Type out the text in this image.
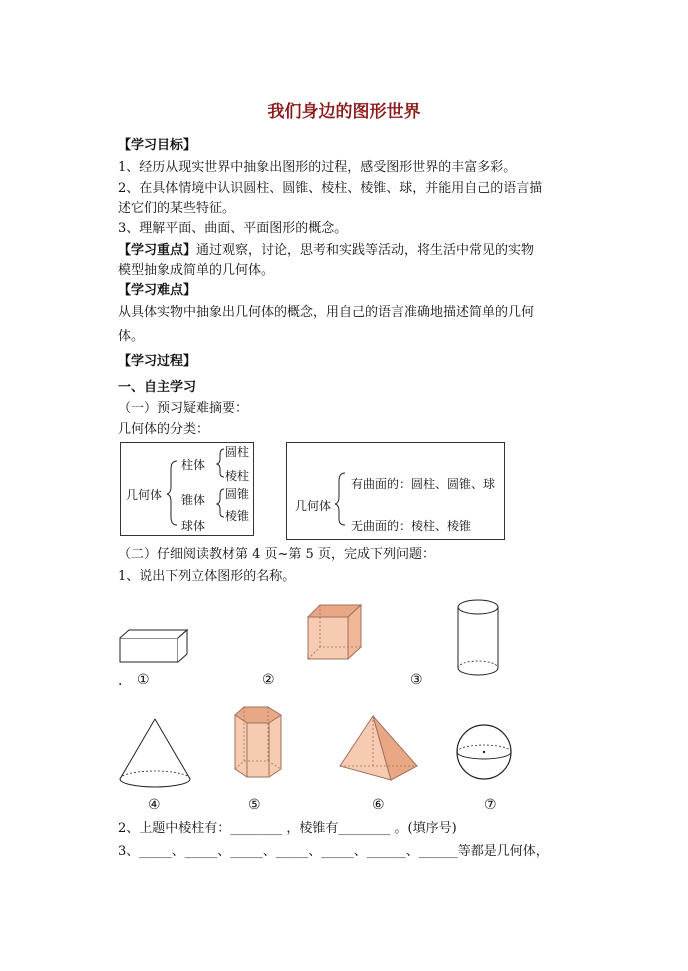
我们身边的图形世界
【学习目标】
1、经历从现实世界中抽象出图形的过程，感受图形世界的丰富多彩。
2、在具体情境中认识圆柱、圆锥、棱柱、棱锥、球，并能用自己的语言描
述它们的某些特征。
3、理解平面、曲面、平面图形的概念。
【学习重点】通过观察，讨论，思考和实践等活动，将生活中常见的实物
模型抽象成简单的几何体。
【学习难点】
从具体实物中抽象出几何体的概念，用自己的语言准确地描述简单的几何
体。
【学习过程】
一、自主学习
（一）预习疑难摘要：
几何体的分类：
几何体
柱体
圆柱
棱柱
锥体 圆锥
棱锥
球体
几何体
有曲面的：圆柱、圆锥、球
无曲面的：棱柱、棱锥
（二）仔细阅读教材第 4 页~第 5 页，完成下列问题：
1、说出下列立体图形的名称。
. ①	②	③
④	⑤	⑥	⑦
2、上题中棱柱有：________ ，棱锥有________ 。(填序号)
3、_____、_____、_____、_____、_____、______、______等都是几何体，
